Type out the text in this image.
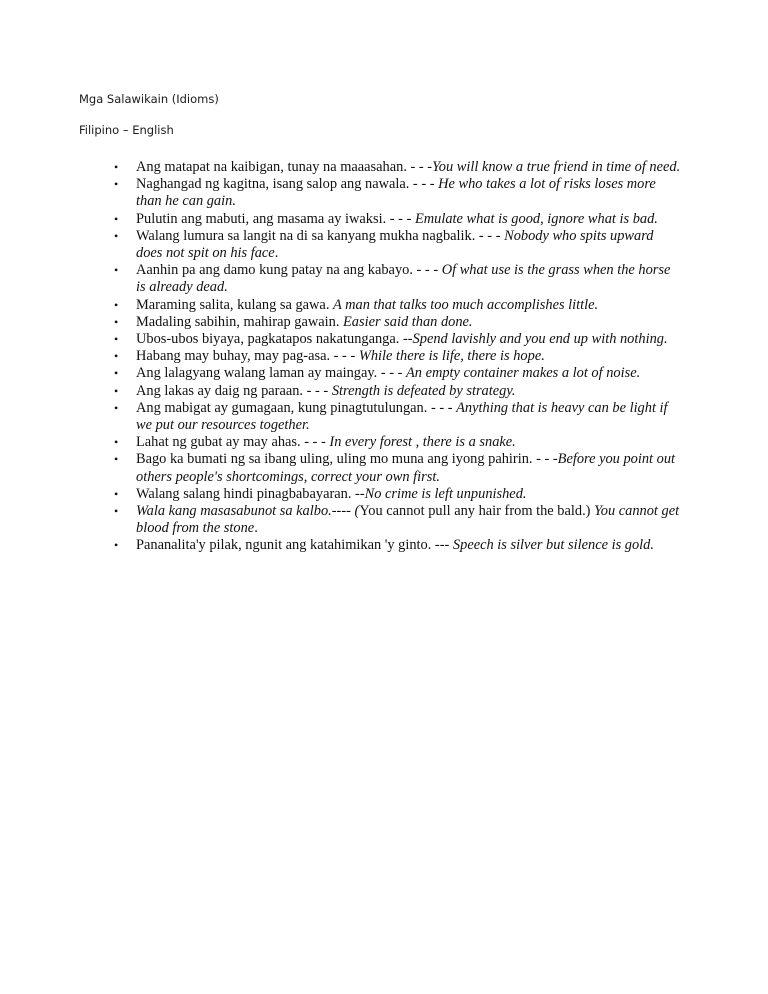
Mga Salawikain (Idioms)

Filipino – English

• Ang matapat na kaibigan, tunay na maaasahan. - - -You will know a true friend in time of need.
• Naghangad ng kagitna, isang salop ang nawala. - - - He who takes a lot of risks loses more than he can gain.
• Pulutin ang mabuti, ang masama ay iwaksi. - - - Emulate what is good, ignore what is bad.
• Walang lumura sa langit na di sa kanyang mukha nagbalik. - - - Nobody who spits upward does not spit on his face.
• Aanhin pa ang damo kung patay na ang kabayo. - - - Of what use is the grass when the horse is already dead.
• Maraming salita, kulang sa gawa. A man that talks too much accomplishes little.
• Madaling sabihin, mahirap gawain. Easier said than done.
• Ubos-ubos biyaya, pagkatapos nakatunganga. --Spend lavishly and you end up with nothing.
• Habang may buhay, may pag-asa. - - - While there is life, there is hope.
• Ang lalagyang walang laman ay maingay. - - - An empty container makes a lot of noise.
• Ang lakas ay daig ng paraan. - - - Strength is defeated by strategy.
• Ang mabigat ay gumagaan, kung pinagtutulungan. - - - Anything that is heavy can be light if we put our resources together.
• Lahat ng gubat ay may ahas. - - - In every forest , there is a snake.
• Bago ka bumati ng sa ibang uling, uling mo muna ang iyong pahirin. - - -Before you point out others people's shortcomings, correct your own first.
• Walang salang hindi pinagbabayaran. --No crime is left unpunished.
• Wala kang masasabunot sa kalbo.---- (You cannot pull any hair from the bald.) You cannot get blood from the stone.
• Pananalita'y pilak, ngunit ang katahimikan 'y ginto. --- Speech is silver but silence is gold.
